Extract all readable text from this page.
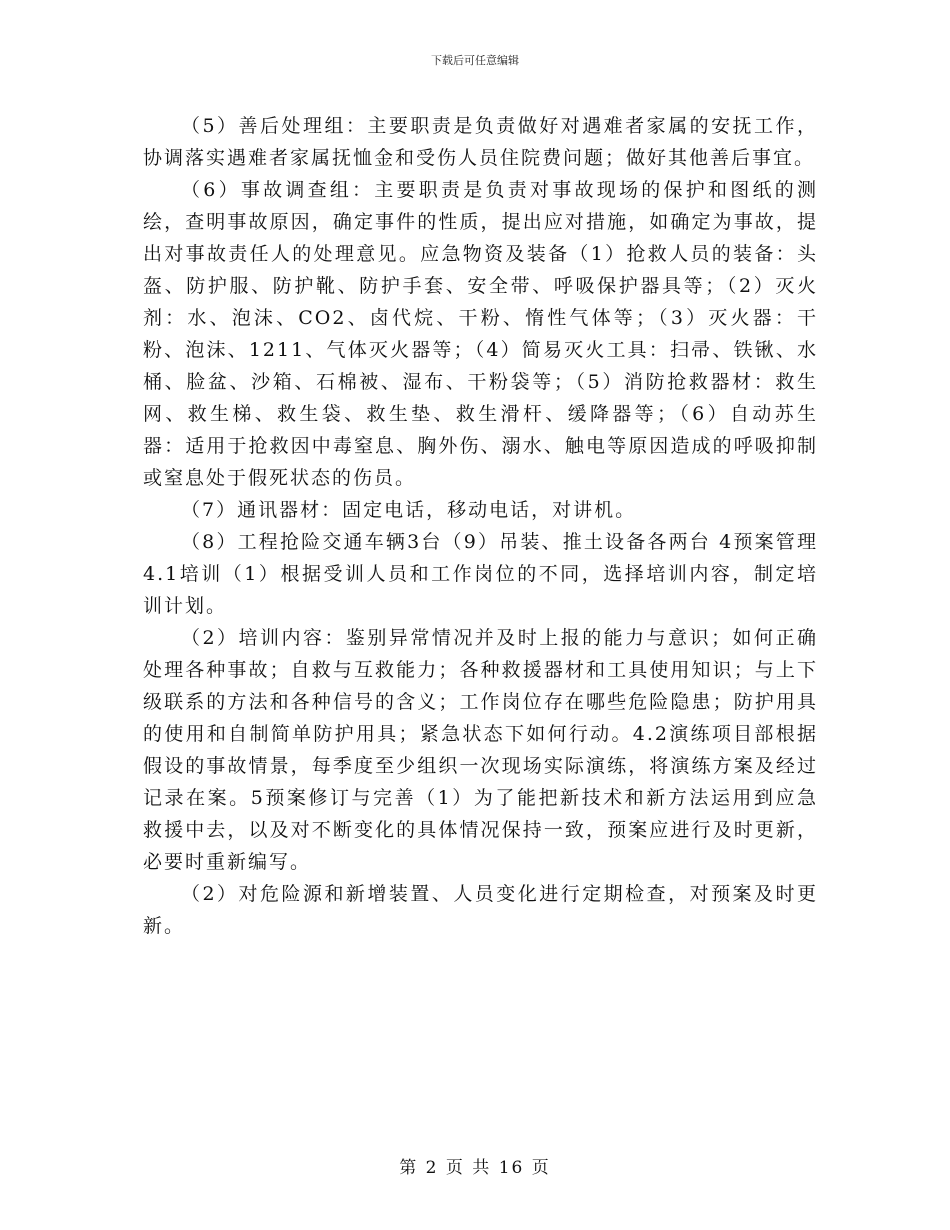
下载后可任意编辑

（5）善后处理组：主要职责是负责做好对遇难者家属的安抚工作，协调落实遇难者家属抚恤金和受伤人员住院费问题；做好其他善后事宜。

（6）事故调查组：主要职责是负责对事故现场的保护和图纸的测绘，查明事故原因，确定事件的性质，提出应对措施，如确定为事故，提出对事故责任人的处理意见。应急物资及装备（1）抢救人员的装备：头盔、防护服、防护靴、防护手套、安全带、呼吸保护器具等；（2）灭火剂：水、泡沫、CO2、卤代烷、干粉、惰性气体等；（3）灭火器：干粉、泡沫、1211、气体灭火器等；（4）简易灭火工具：扫帚、铁锹、水桶、脸盆、沙箱、石棉被、湿布、干粉袋等；（5）消防抢救器材：救生网、救生梯、救生袋、救生垫、救生滑杆、缓降器等；（6）自动苏生器：适用于抢救因中毒窒息、胸外伤、溺水、触电等原因造成的呼吸抑制或窒息处于假死状态的伤员。

（7）通讯器材：固定电话，移动电话，对讲机。

（8）工程抢险交通车辆3台（9）吊装、推土设备各两台 4预案管理4.1培训（1）根据受训人员和工作岗位的不同，选择培训内容，制定培训计划。

（2）培训内容：鉴别异常情况并及时上报的能力与意识；如何正确处理各种事故；自救与互救能力；各种救援器材和工具使用知识；与上下级联系的方法和各种信号的含义；工作岗位存在哪些危险隐患；防护用具的使用和自制简单防护用具；紧急状态下如何行动。4.2演练项目部根据假设的事故情景，每季度至少组织一次现场实际演练，将演练方案及经过记录在案。5预案修订与完善（1）为了能把新技术和新方法运用到应急救援中去，以及对不断变化的具体情况保持一致，预案应进行及时更新，必要时重新编写。

（2）对危险源和新增装置、人员变化进行定期检查，对预案及时更新。

第 2 页 共 16 页
